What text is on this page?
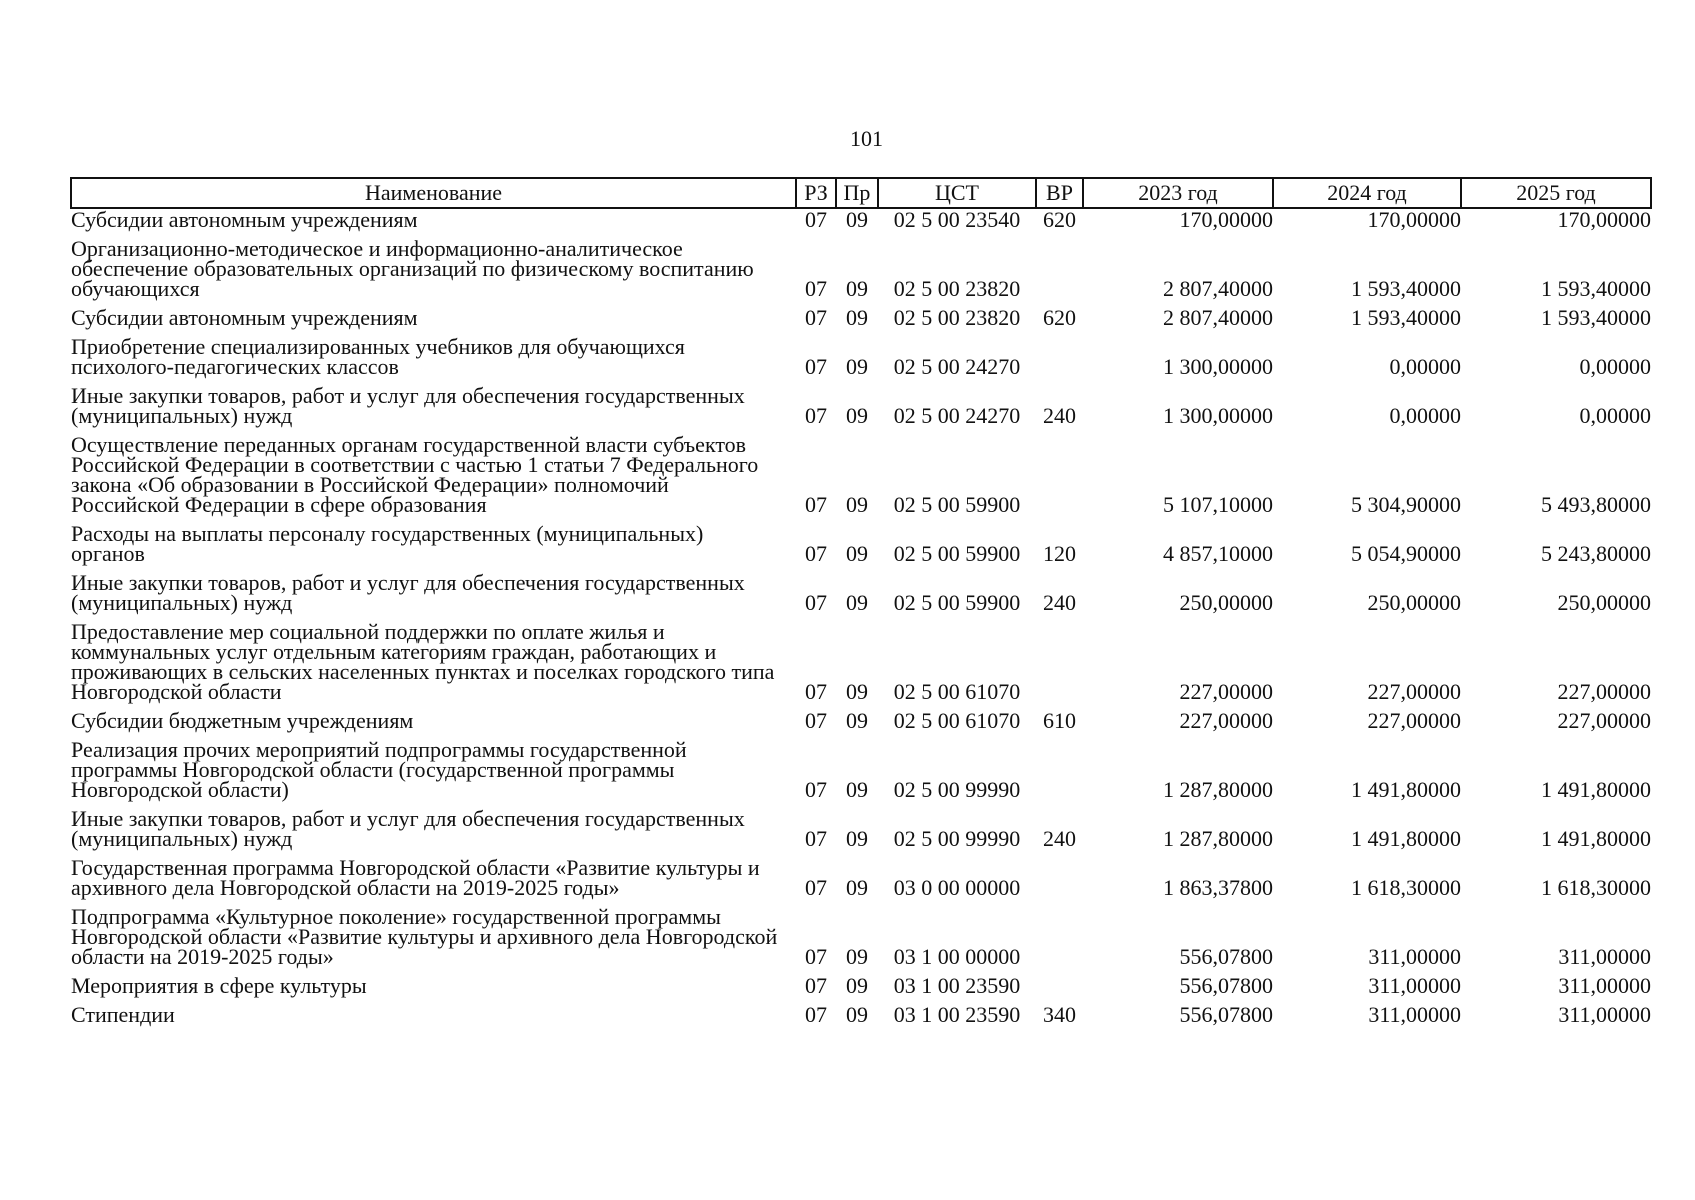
101
Наименование	РЗ	Пр	ЦСТ	ВР	2023 год	2024 год	2025 год
Субсидии автономным учреждениям	07	09	02 5 00 23540	620	170,00000	170,00000	170,00000
Организационно-методическое и информационно-аналитическое обеспечение образовательных организаций по физическому воспитанию обучающихся	07	09	02 5 00 23820		2 807,40000	1 593,40000	1 593,40000
Субсидии автономным учреждениям	07	09	02 5 00 23820	620	2 807,40000	1 593,40000	1 593,40000
Приобретение специализированных учебников для обучающихся психолого-педагогических классов	07	09	02 5 00 24270		1 300,00000	0,00000	0,00000
Иные закупки товаров, работ и услуг для обеспечения государственных (муниципальных) нужд	07	09	02 5 00 24270	240	1 300,00000	0,00000	0,00000
Осуществление переданных органам государственной власти субъектов Российской Федерации в соответствии с частью 1 статьи 7 Федерального закона «Об образовании в Российской Федерации» полномочий Российской Федерации в сфере образования	07	09	02 5 00 59900		5 107,10000	5 304,90000	5 493,80000
Расходы на выплаты персоналу государственных (муниципальных) органов	07	09	02 5 00 59900	120	4 857,10000	5 054,90000	5 243,80000
Иные закупки товаров, работ и услуг для обеспечения государственных (муниципальных) нужд	07	09	02 5 00 59900	240	250,00000	250,00000	250,00000
Предоставление мер социальной поддержки по оплате жилья и коммунальных услуг отдельным категориям граждан, работающих и проживающих в сельских населенных пунктах и поселках городского типа Новгородской области	07	09	02 5 00 61070		227,00000	227,00000	227,00000
Субсидии бюджетным учреждениям	07	09	02 5 00 61070	610	227,00000	227,00000	227,00000
Реализация прочих мероприятий подпрограммы государственной программы Новгородской области (государственной программы Новгородской области)	07	09	02 5 00 99990		1 287,80000	1 491,80000	1 491,80000
Иные закупки товаров, работ и услуг для обеспечения государственных (муниципальных) нужд	07	09	02 5 00 99990	240	1 287,80000	1 491,80000	1 491,80000
Государственная программа Новгородской области «Развитие культуры и архивного дела Новгородской области на 2019-2025 годы»	07	09	03 0 00 00000		1 863,37800	1 618,30000	1 618,30000
Подпрограмма «Культурное поколение» государственной программы Новгородской области «Развитие культуры и архивного дела Новгородской области на 2019-2025 годы»	07	09	03 1 00 00000		556,07800	311,00000	311,00000
Мероприятия в сфере культуры	07	09	03 1 00 23590		556,07800	311,00000	311,00000
Стипендии	07	09	03 1 00 23590	340	556,07800	311,00000	311,00000
